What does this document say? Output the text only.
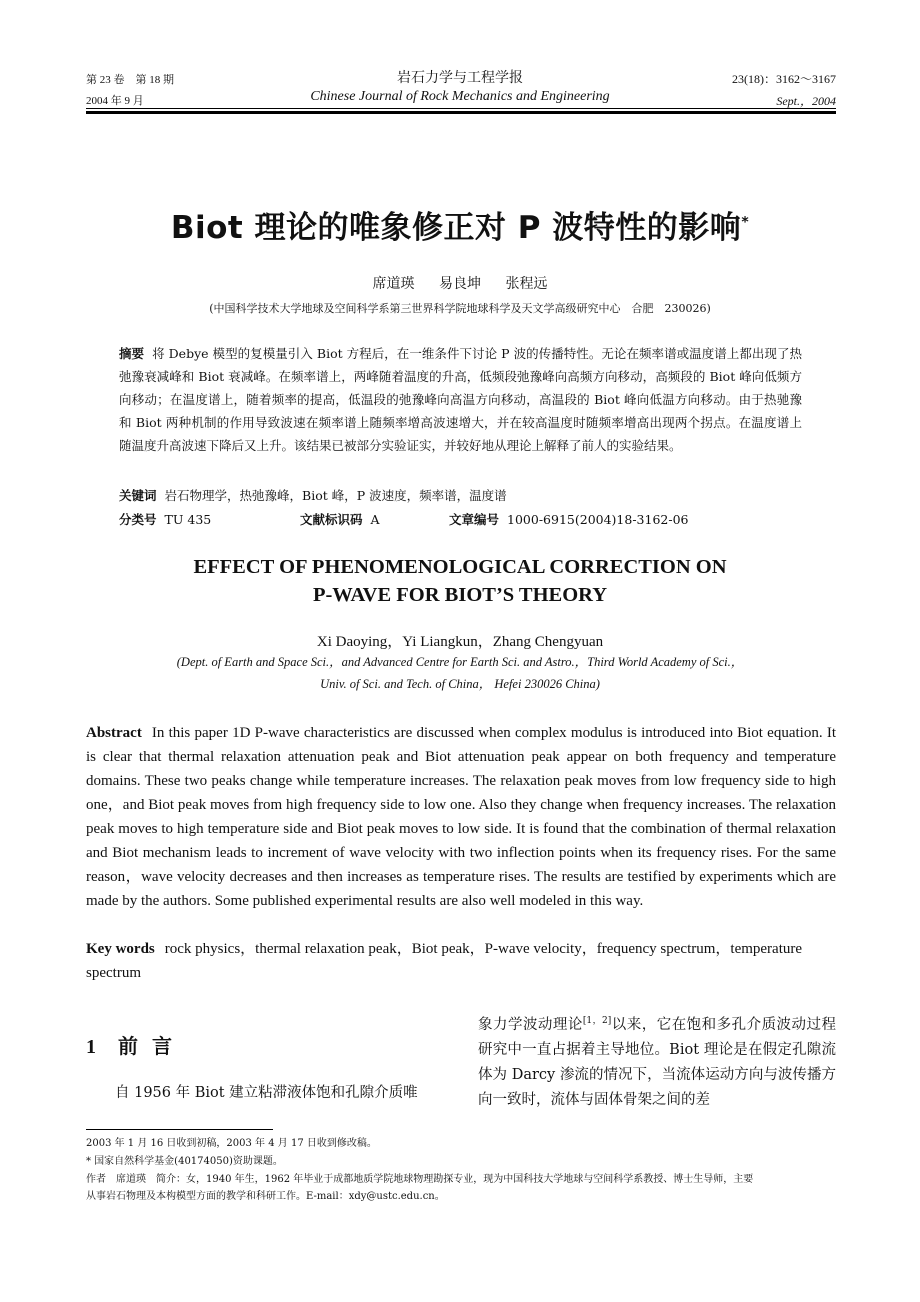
第 23 卷　第 18 期
2004 年 9 月
岩石力学与工程学报
Chinese Journal of Rock Mechanics and Engineering
23(18)：3162～3167
Sept.，2004
Biot 理论的唯象修正对 P 波特性的影响*
席道瑛 易良坤 张程远
(中国科学技术大学地球及空间科学系第三世界科学院地球科学及天文学高级研究中心　合肥　230026)
摘要 将 Debye 模型的复模量引入 Biot 方程后，在一维条件下讨论 P 波的传播特性。无论在频率谱或温度谱上都出现了热弛豫衰减峰和 Biot 衰减峰。在频率谱上，两峰随着温度的升高，低频段弛豫峰向高频方向移动，高频段的 Biot 峰向低频方向移动；在温度谱上，随着频率的提高，低温段的弛豫峰向高温方向移动，高温段的 Biot 峰向低温方向移动。由于热驰豫和 Biot 两种机制的作用导致波速在频率谱上随频率增高波速增大，并在较高温度时随频率增高出现两个拐点。在温度谱上随温度升高波速下降后又上升。该结果已被部分实验证实，并较好地从理论上解释了前人的实验结果。
关键词 岩石物理学，热弛豫峰，Biot 峰，P 波速度，频率谱，温度谱
分类号 TU 435	文献标识码 A	文章编号 1000-6915(2004)18-3162-06
EFFECT OF PHENOMENOLOGICAL CORRECTION ON
P-WAVE FOR BIOT’S THEORY
Xi Daoying，Yi Liangkun，Zhang Chengyuan
(Dept. of Earth and Space Sci.，and Advanced Centre for Earth Sci. and Astro.，Third World Academy of Sci.，
Univ. of Sci. and Tech. of China， Hefei 230026 China)
Abstract In this paper 1D P-wave characteristics are discussed when complex modulus is introduced into Biot equation. It is clear that thermal relaxation attenuation peak and Biot attenuation peak appear on both frequency and temperature domains. These two peaks change while temperature increases. The relaxation peak moves from low frequency side to high one，and Biot peak moves from high frequency side to low one. Also they change when frequency increases. The relaxation peak moves to high temperature side and Biot peak moves to low side. It is found that the combination of thermal relaxation and Biot mechanism leads to increment of wave velocity with two inflection points when its frequency rises. For the same reason，wave velocity decreases and then increases as temperature rises. The results are testified by experiments which are made by the authors. Some published experimental results are also well modeled in this way.
Key words rock physics，thermal relaxation peak，Biot peak，P-wave velocity，frequency spectrum，temperature spectrum
1 前言
自 1956 年 Biot 建立粘滞液体饱和孔隙介质唯
象力学波动理论[1，2]以来，它在饱和多孔介质波动过程研究中一直占据着主导地位。Biot 理论是在假定孔隙流体为 Darcy 渗流的情况下，当流体运动方向与波传播方向一致时，流体与固体骨架之间的差
2003 年 1 月 16 日收到初稿，2003 年 4 月 17 日收到修改稿。
* 国家自然科学基金(40174050)资助课题。
作者　席道瑛　简介：女，1940 年生，1962 年毕业于成都地质学院地球物理勘探专业，现为中国科技大学地球与空间科学系教授、博士生导师，主要
从事岩石物理及本构模型方面的教学和科研工作。E-mail：xdy@ustc.edu.cn。
